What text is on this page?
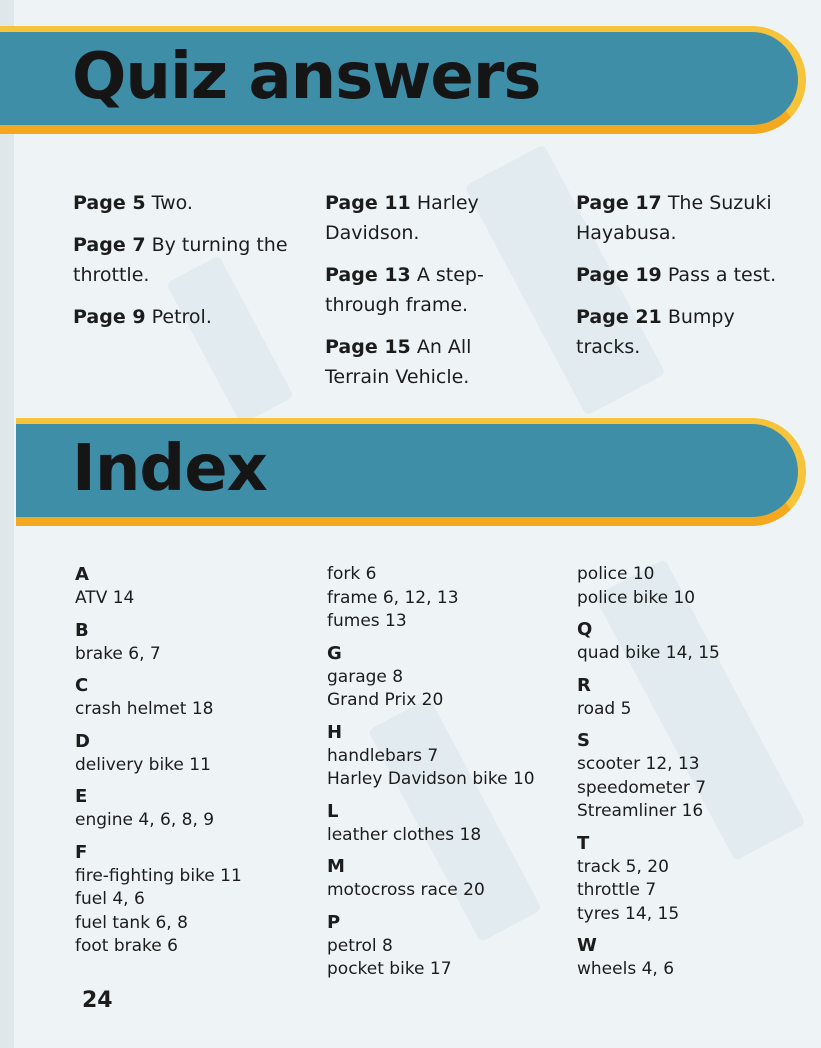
Quiz answers

Page 5 Two.

Page 7 By turning the throttle.

Page 9 Petrol.

Page 11 Harley Davidson.

Page 13 A step-through frame.

Page 15 An All Terrain Vehicle.

Page 17 The Suzuki Hayabusa.

Page 19 Pass a test.

Page 21 Bumpy tracks.

Index
A

ATV 14

B

brake 6, 7

C

crash helmet 18

D

delivery bike 11

E

engine 4, 6, 8, 9

F

fire-fighting bike 11

fuel 4, 6

fuel tank 6, 8

foot brake 6

fork 6

frame 6, 12, 13

fumes 13

G

garage 8

Grand Prix 20

H

handlebars 7

Harley Davidson bike 10

L

leather clothes 18

M

motocross race 20

P

petrol 8

pocket bike 17

police 10

police bike 10

Q

quad bike 14, 15

R

road 5

S

scooter 12, 13

speedometer 7

Streamliner 16

T

track 5, 20

throttle 7

tyres 14, 15

W

wheels 4, 6

24
